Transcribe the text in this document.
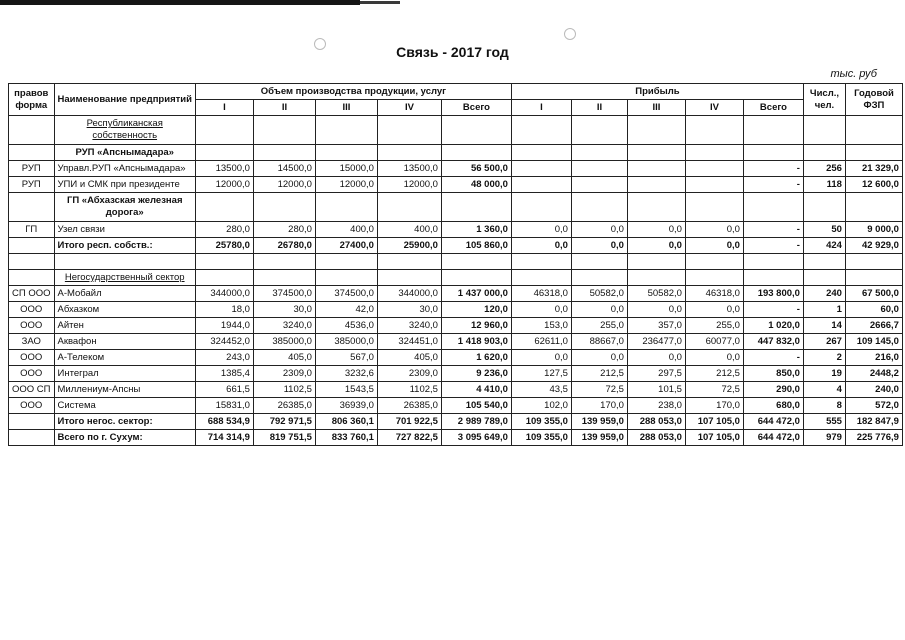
Связь - 2017 год
тыс. руб
правов форма	Наименование предприятий	Объем производства продукции, услуг					Прибыль					Числ., чел.	Годовой ФЗП
		I	II	III	IV	Всего	I	II	III	IV	Всего		
	Республиканская собственность												
	РУП «Апснымадара»												
РУП	Управл.РУП «Апснымадара»	13500,0	14500,0	15000,0	13500,0	56 500,0					-	256	21 329,0
РУП	УПИ и СМК при президенте	12000,0	12000,0	12000,0	12000,0	48 000,0					-	118	12 600,0
	ГП «Абхазская железная дорога»												
ГП	Узел связи	280,0	280,0	400,0	400,0	1 360,0	0,0	0,0	0,0	0,0	-	50	9 000,0
	Итого респ. собств.:	25780,0	26780,0	27400,0	25900,0	105 860,0	0,0	0,0	0,0	0,0	-	424	42 929,0

	Негосударственный сектор												
СП ООО	А-Мобайл	344000,0	374500,0	374500,0	344000,0	1 437 000,0	46318,0	50582,0	50582,0	46318,0	193 800,0	240	67 500,0
ООО	Абхазком	18,0	30,0	42,0	30,0	120,0	0,0	0,0	0,0	0,0	-	1	60,0
ООО	Айтен	1944,0	3240,0	4536,0	3240,0	12 960,0	153,0	255,0	357,0	255,0	1 020,0	14	2666,7
ЗАО	Аквафон	324452,0	385000,0	385000,0	324451,0	1 418 903,0	62611,0	88667,0	236477,0	60077,0	447 832,0	267	109 145,0
ООО	А-Телеком	243,0	405,0	567,0	405,0	1 620,0	0,0	0,0	0,0	0,0	-	2	216,0
ООО	Интеграл	1385,4	2309,0	3232,6	2309,0	9 236,0	127,5	212,5	297,5	212,5	850,0	19	2448,2
ООО СП	Миллениум-Апсны	661,5	1102,5	1543,5	1102,5	4 410,0	43,5	72,5	101,5	72,5	290,0	4	240,0
ООО	Система	15831,0	26385,0	36939,0	26385,0	105 540,0	102,0	170,0	238,0	170,0	680,0	8	572,0
	Итого негос. сектор:	688 534,9	792 971,5	806 360,1	701 922,5	2 989 789,0	109 355,0	139 959,0	288 053,0	107 105,0	644 472,0	555	182 847,9
	Всего по г. Сухум:	714 314,9	819 751,5	833 760,1	727 822,5	3 095 649,0	109 355,0	139 959,0	288 053,0	107 105,0	644 472,0	979	225 776,9
